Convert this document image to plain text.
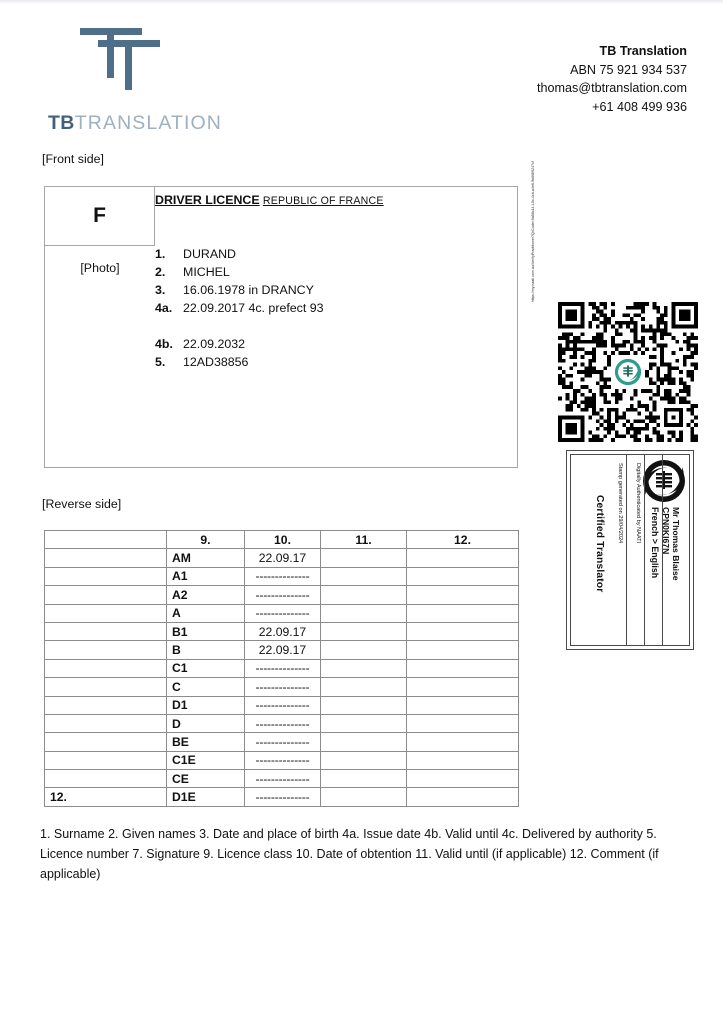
TBTRANSLATION
TB Translation
ABN 75 921 934 537
thomas@tbtranslation.com
+61 408 499 936
[Front side]
F
[Photo]
DRIVER LICENCE REPUBLIC OF FRANCE
1. DURAND
2. MICHEL
3. 16.06.1978 in DRANCY
4a. 22.09.2017 4c. prefect 93
4b. 22.09.2032
5. 12AD38856
[Reverse side]
	9.	10.	11.	12.
	AM	22.09.17		
	A1	--------------		
	A2	--------------		
	A	--------------		
	B1	22.09.17		
	B	22.09.17		
	C1	--------------		
	C	--------------		
	D1	--------------		
	D	--------------		
	BE	--------------		
	C1E	--------------		
	CE	--------------		
12.	D1E	--------------		
1. Surname 2. Given names 3. Date and place of birth 4a. Issue date 4b. Valid until 4c. Delivered by authority 5. Licence number 7. Signature 9. Licence class 10. Date of obtention 11. Valid until (if applicable) 12. Comment (if applicable)
https://my.naati.com.au/VerifyPractitioner?QrCode=9a98c14-t-0c-4cb-a4e6-9b6f8f9247cf
Mr Thomas Blaise
CPN0KI67N
French > English
Digitally Authenticated by NAATI
Stamp generated on 29/04/2024
Certified Translator
